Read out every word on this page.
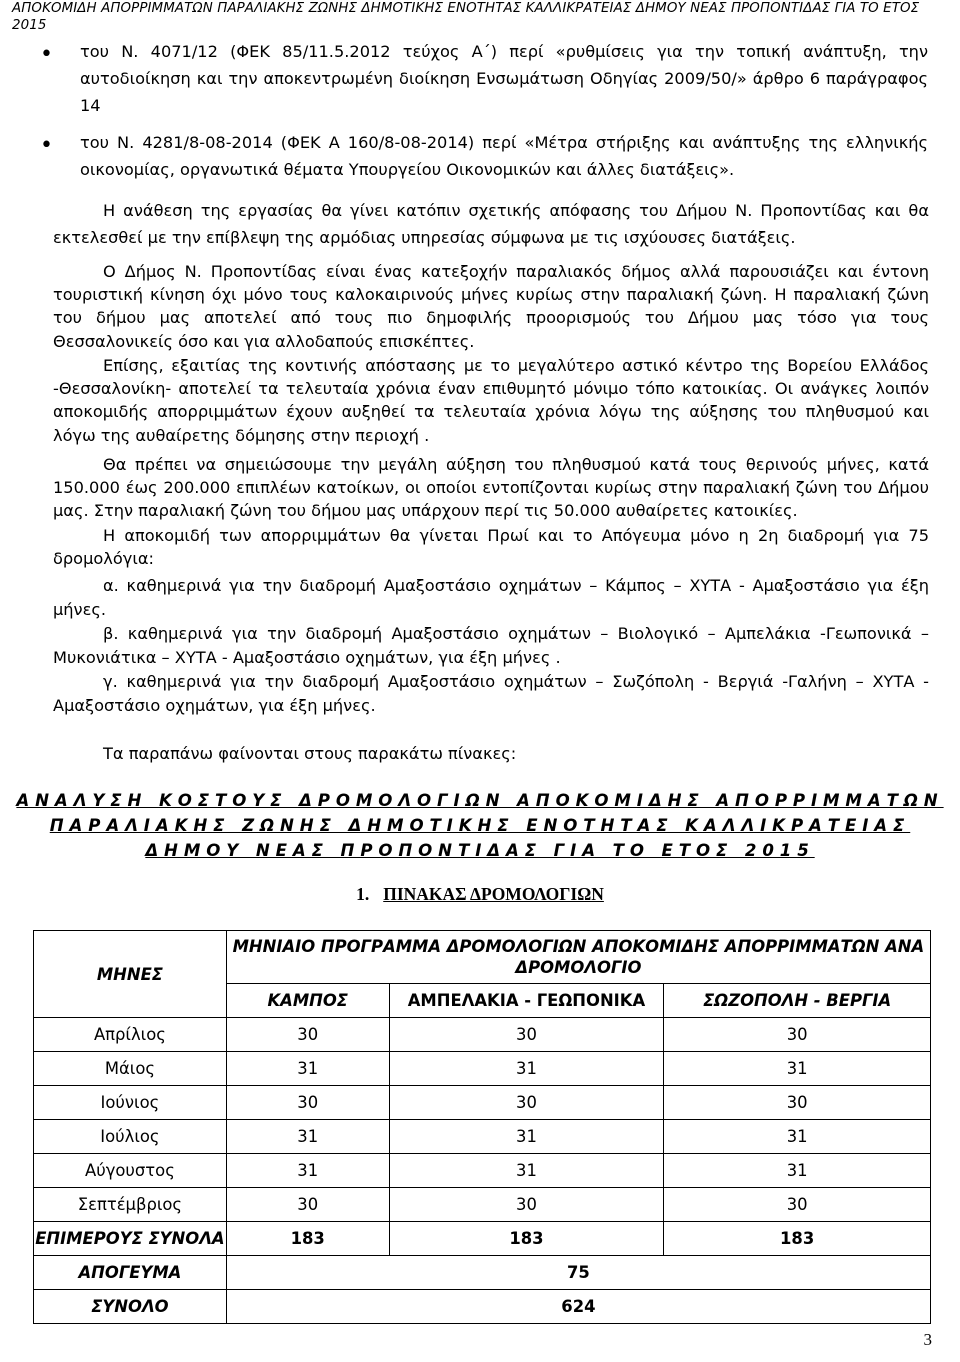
ΑΠΟΚΟΜΙΔΗ ΑΠΟΡΡΙΜΜΑΤΩΝ ΠΑΡΑΛΙΑΚΗΣ ΖΩΝΗΣ ΔΗΜΟΤΙΚΗΣ ΕΝΟΤΗΤΑΣ ΚΑΛΛΙΚΡΑΤΕΙΑΣ ΔΗΜΟΥ ΝΕΑΣ ΠΡΟΠΟΝΤΙΔΑΣ ΓΙΑ ΤΟ ΕΤΟΣ 2015
• του Ν. 4071/12 (ΦΕΚ 85/11.5.2012 τεύχος Α΄) περί «ρυθμίσεις για την τοπική ανάπτυξη, την αυτοδιοίκηση και την αποκεντρωμένη διοίκηση Ενσωμάτωση Οδηγίας 2009/50/» άρθρο 6 παράγραφος 14
• του Ν. 4281/8-08-2014 (ΦΕΚ Α 160/8-08-2014) περί «Μέτρα στήριξης και ανάπτυξης της ελληνικής οικονομίας, οργανωτικά θέματα Υπουργείου Οικονομικών και άλλες διατάξεις».

Η ανάθεση της εργασίας θα γίνει κατόπιν σχετικής απόφασης του Δήμου Ν. Προποντίδας και θα εκτελεσθεί με την επίβλεψη της αρμόδιας υπηρεσίας σύμφωνα με τις ισχύουσες διατάξεις.

Ο Δήμος Ν. Προποντίδας είναι ένας κατεξοχήν παραλιακός δήμος αλλά παρουσιάζει και έντονη τουριστική κίνηση όχι μόνο τους καλοκαιρινούς μήνες κυρίως στην παραλιακή ζώνη. Η παραλιακή ζώνη του δήμου μας αποτελεί από τους πιο δημοφιλής προορισμούς του Δήμου μας τόσο για τους Θεσσαλονικείς όσο και για αλλοδαπούς επισκέπτες.

Επίσης, εξαιτίας της κοντινής απόστασης με το μεγαλύτερο αστικό κέντρο της Βορείου Ελλάδος -Θεσσαλονίκη- αποτελεί τα τελευταία χρόνια έναν επιθυμητό μόνιμο τόπο κατοικίας. Οι ανάγκες λοιπόν αποκομιδής απορριμμάτων έχουν αυξηθεί τα τελευταία χρόνια λόγω της αύξησης του πληθυσμού και λόγω της αυθαίρετης δόμησης στην περιοχή .

Θα πρέπει να σημειώσουμε την μεγάλη αύξηση του πληθυσμού κατά τους θερινούς μήνες, κατά 150.000 έως 200.000 επιπλέων κατοίκων, οι οποίοι εντοπίζονται κυρίως στην παραλιακή ζώνη του Δήμου μας. Στην παραλιακή ζώνη του δήμου μας υπάρχουν περί τις 50.000 αυθαίρετες κατοικίες.

Η αποκομιδή των απορριμμάτων θα γίνεται Πρωί και το Απόγευμα μόνο η 2η διαδρομή για 75 δρομολόγια:

α. καθημερινά για την διαδρομή Αμαξοστάσιο οχημάτων – Κάμπος – ΧΥΤΑ - Αμαξοστάσιο για έξη μήνες.

β. καθημερινά για την διαδρομή Αμαξοστάσιο οχημάτων – Βιολογικό – Αμπελάκια -Γεωπονικά – Μυκονιάτικα – ΧΥΤΑ - Αμαξοστάσιο οχημάτων, για έξη μήνες .

γ. καθημερινά για την διαδρομή Αμαξοστάσιο οχημάτων – Σωζόπολη - Βεργιά -Γαλήνη – ΧΥΤΑ - Αμαξοστάσιο οχημάτων, για έξη μήνες.

Τα παραπάνω φαίνονται στους παρακάτω πίνακες:

ΑΝΑΛΥΣΗ ΚΟΣΤΟΥΣ ΔΡΟΜΟΛΟΓΙΩΝ ΑΠΟΚΟΜΙΔΗΣ ΑΠΟΡΡΙΜΜΑΤΩΝ
ΠΑΡΑΛΙΑΚΗΣ ΖΩΝΗΣ ΔΗΜΟΤΙΚΗΣ ΕΝΟΤΗΤΑΣ ΚΑΛΛΙΚΡΑΤΕΙΑΣ
ΔΗΜΟΥ ΝΕΑΣ ΠΡΟΠΟΝΤΙΔΑΣ ΓΙΑ ΤΟ ΕΤΟΣ 2015
1. ΠΙΝΑΚΑΣ ΔΡΟΜΟΛΟΓΙΩΝ
ΜΗΝΕΣ	ΜΗΝΙΑΙΟ ΠΡΟΓΡΑΜΜΑ ΔΡΟΜΟΛΟΓΙΩΝ ΑΠΟΚΟΜΙΔΗΣ ΑΠΟΡΡΙΜΜΑΤΩΝ ΑΝΑ ΔΡΟΜΟΛΟΓΙΟ		
	ΚΑΜΠΟΣ	ΑΜΠΕΛΑΚΙΑ - ΓΕΩΠΟΝΙΚΑ	ΣΩΖΟΠΟΛΗ - ΒΕΡΓΙΑ
Απρίλιος	30	30	30
Μάιος	31	31	31
Ιούνιος	30	30	30
Ιούλιος	31	31	31
Αύγουστος	31	31	31
Σεπτέμβριος	30	30	30
ΕΠΙΜΕΡΟΥΣ ΣΥΝΟΛΑ	183	183	183
ΑΠΟΓΕΥΜΑ	75		
ΣΥΝΟΛΟ	624		
3
